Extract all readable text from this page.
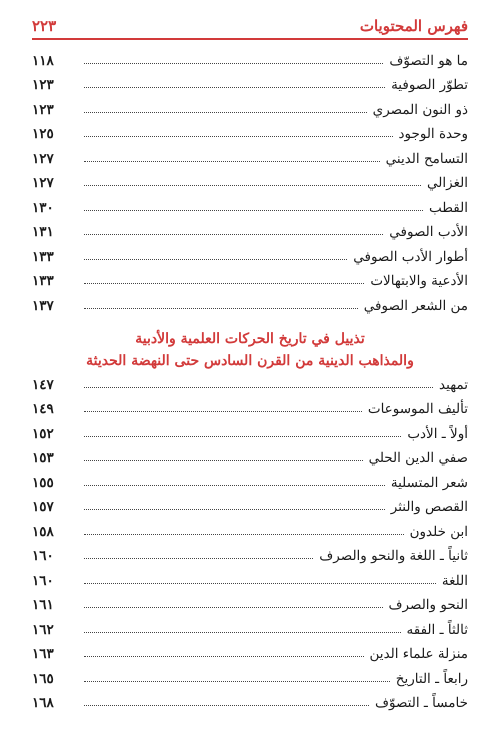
٢٢٣	فهرس المحتويات
١١٨	ما هو التصوّف
١٢٣	تطوّر الصوفية
١٢٣	ذو النون المصري
١٢٥	وحدة الوجود
١٢٧	التسامح الديني
١٢٧	الغزالي
١٣٠	القطب
١٣١	الأدب الصوفي
١٣٣	أطوار الأدب الصوفي
١٣٣	الأدعية والابتهالات
١٣٧	من الشعر الصوفي
تذييل في تاريخ الحركات العلمية والأدبية
والمذاهب الدينية من القرن السادس حتى النهضة الحديثة
١٤٧	تمهيد
١٤٩	تأليف الموسوعات
١٥٢	أولاً ـ الأدب
١٥٣	صفي الدين الحلي
١٥٥	شعر المتسلية
١٥٧	القصص والنثر
١٥٨	ابن خلدون
١٦٠	ثانياً ـ اللغة والنحو والصرف
١٦٠	اللغة
١٦١	النحو والصرف
١٦٢	ثالثاً ـ الفقه
١٦٣	منزلة علماء الدين
١٦٥	رابعاً ـ التاريخ
١٦٨	خامساً ـ التصوّف
